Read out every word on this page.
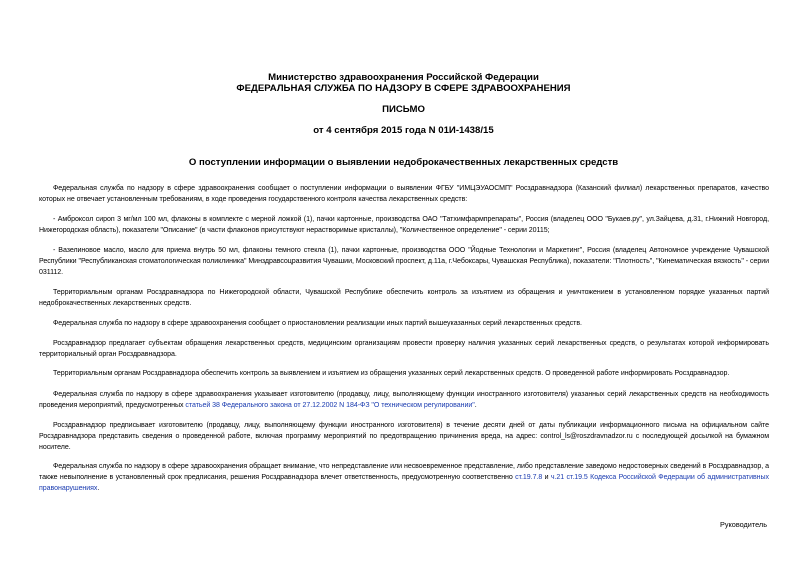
Министерство здравоохранения Российской Федерации

ФЕДЕРАЛЬНАЯ СЛУЖБА ПО НАДЗОРУ В СФЕРЕ ЗДРАВООХРАНЕНИЯ

ПИСЬМО

от 4 сентября 2015 года N 01И-1438/15

О поступлении информации о выявлении недоброкачественных лекарственных средств

Федеральная служба по надзору в сфере здравоохранения сообщает о поступлении информации о выявлении ФГБУ "ИМЦЭУАОСМП" Росздравнадзора (Казанский филиал) лекарственных препаратов, качество которых не отвечает установленным требованиям, в ходе проведения государственного контроля качества лекарственных средств:

- Амброксол сироп 3 мг/мл 100 мл, флаконы в комплекте с мерной ложкой (1), пачки картонные, производства ОАО "Татхимфармпрепараты", Россия (владелец ООО "Букаев.ру", ул.Зайцева, д.31, г.Нижний Новгород, Нижегородская область), показатели "Описание" (в части флаконов присутствуют нерастворимые кристаллы), "Количественное определение" - серии 20115;

- Вазелиновое масло, масло для приема внутрь 50 мл, флаконы темного стекла (1), пачки картонные, производства ООО "Йодные Технологии и Маркетинг", Россия (владелец Автономное учреждение Чувашской Республики "Республиканская стоматологическая поликлиника" Минздравсоцразвития Чувашии, Московский проспект, д.11а, г.Чебоксары, Чувашская Республика), показатели: "Плотность", "Кинематическая вязкость" - серии 031112.

Территориальным органам Росздравнадзора по Нижегородской области, Чувашской Республике обеспечить контроль за изъятием из обращения и уничтожением в установленном порядке указанных партий недоброкачественных лекарственных средств.

Федеральная служба по надзору в сфере здравоохранения сообщает о приостановлении реализации иных партий вышеуказанных серий лекарственных средств.

Росздравнадзор предлагает субъектам обращения лекарственных средств, медицинским организациям провести проверку наличия указанных серий лекарственных средств, о результатах которой информировать территориальный орган Росздравнадзора.

Территориальным органам Росздравнадзора обеспечить контроль за выявлением и изъятием из обращения указанных серий лекарственных средств. О проведенной работе информировать Росздравнадзор.

Федеральная служба по надзору в сфере здравоохранения указывает изготовителю (продавцу, лицу, выполняющему функции иностранного изготовителя) указанных серий лекарственных средств на необходимость проведения мероприятий, предусмотренных статьей 38 Федерального закона от 27.12.2002 N 184-ФЗ "О техническом регулировании".

Росздравнадзор предписывает изготовителю (продавцу, лицу, выполняющему функции иностранного изготовителя) в течение десяти дней от даты публикации информационного письма на официальном сайте Росздравнадзора представить сведения о проведенной работе, включая программу мероприятий по предотвращению причинения вреда, на адрес: control_ls@roszdravnadzor.ru с последующей досылкой на бумажном носителе.

Федеральная служба по надзору в сфере здравоохранения обращает внимание, что непредставление или несвоевременное представление, либо представление заведомо недостоверных сведений в Росздравнадзор, а также невыполнение в установленный срок предписания, решения Росздравнадзора влечет ответственность, предусмотренную соответственно ст.19.7.8 и ч.21 ст.19.5 Кодекса Российской Федерации об административных правонарушениях.

Руководитель
